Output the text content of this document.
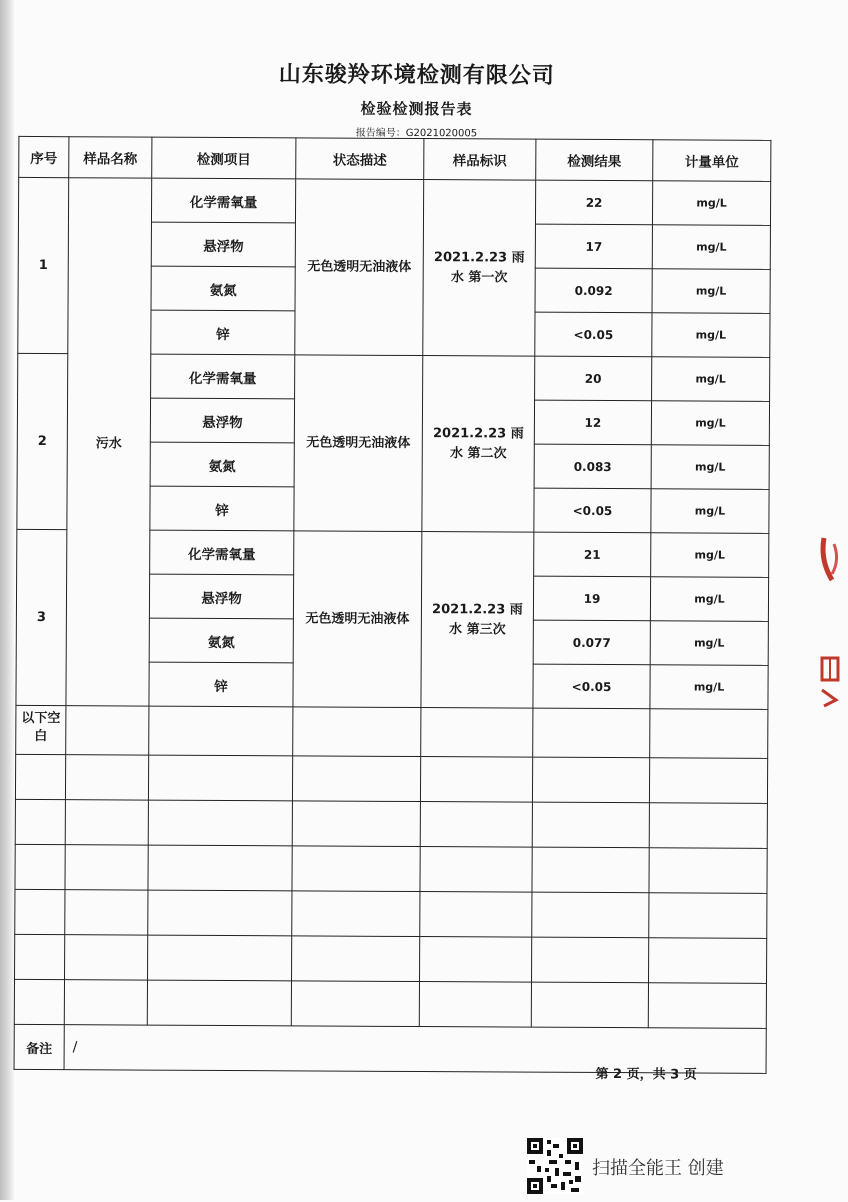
山东骏羚环境检测有限公司
检验检测报告表
报告编号：G2021020005
序号	样品名称	检测项目	状态描述	样品标识	检测结果	计量单位
1	污水	化学需氧量	无色透明无油液体	2021.2.23 雨水 第一次	22	mg/L
		悬浮物			17	mg/L
		氨氮			0.092	mg/L
		锌			<0.05	mg/L
2		化学需氧量	无色透明无油液体	2021.2.23 雨水 第二次	20	mg/L
		悬浮物			12	mg/L
		氨氮			0.083	mg/L
		锌			<0.05	mg/L
3		化学需氧量	无色透明无油液体	2021.2.23 雨水 第三次	21	mg/L
		悬浮物			19	mg/L
		氨氮			0.077	mg/L
		锌			<0.05	mg/L
以下空白						

备注	/					
第 2 页，共 3 页
扫描全能王 创建
